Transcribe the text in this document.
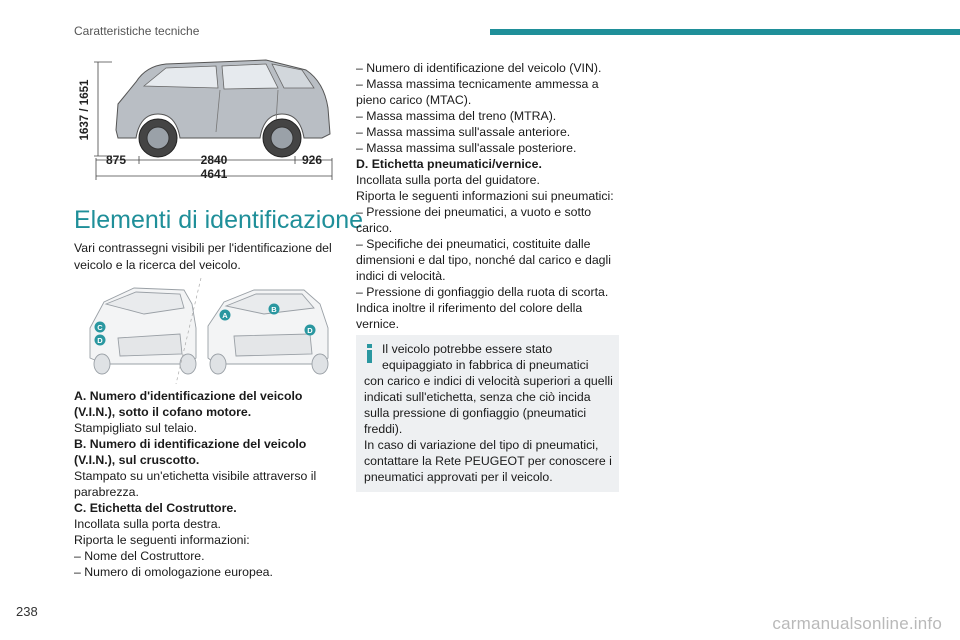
Caratteristiche tecniche
1637 / 1651
875	2840	926
4641
Elementi di identificazione
Vari contrassegni visibili per l'identificazione del veicolo e la ricerca del veicolo.
A
B
C
D
D

A. Numero d'identificazione del veicolo

(V.I.N.), sotto il cofano motore.

Stampigliato sul telaio.

B. Numero di identificazione del veicolo

(V.I.N.), sul cruscotto.

Stampato su un'etichetta visibile attraverso il

parabrezza.

C. Etichetta del Costruttore.

Incollata sulla porta destra.

Riporta le seguenti informazioni:

– Nome del Costruttore.

– Numero di omologazione europea.

– Numero di identificazione del veicolo (VIN).

– Massa massima tecnicamente ammessa a

pieno carico (MTAC).

– Massa massima del treno (MTRA).

– Massa massima sull'assale anteriore.

– Massa massima sull'assale posteriore.

D. Etichetta pneumatici/vernice.

Incollata sulla porta del guidatore.

Riporta le seguenti informazioni sui pneumatici:

– Pressione dei pneumatici, a vuoto e sotto

carico.

– Specifiche dei pneumatici, costituite dalle

dimensioni e dal tipo, nonché dal carico e dagli

indici di velocità.

– Pressione di gonfiaggio della ruota di scorta.

Indica inoltre il riferimento del colore della

vernice.

Il veicolo potrebbe essere stato

equipaggiato in fabbrica di pneumatici

con carico e indici di velocità superiori a quelli

indicati sull'etichetta, senza che ciò incida

sulla pressione di gonfiaggio (pneumatici

freddi).

In caso di variazione del tipo di pneumatici,

contattare la Rete PEUGEOT per conoscere i

pneumatici approvati per il veicolo.

238
carmanualsonline.info
